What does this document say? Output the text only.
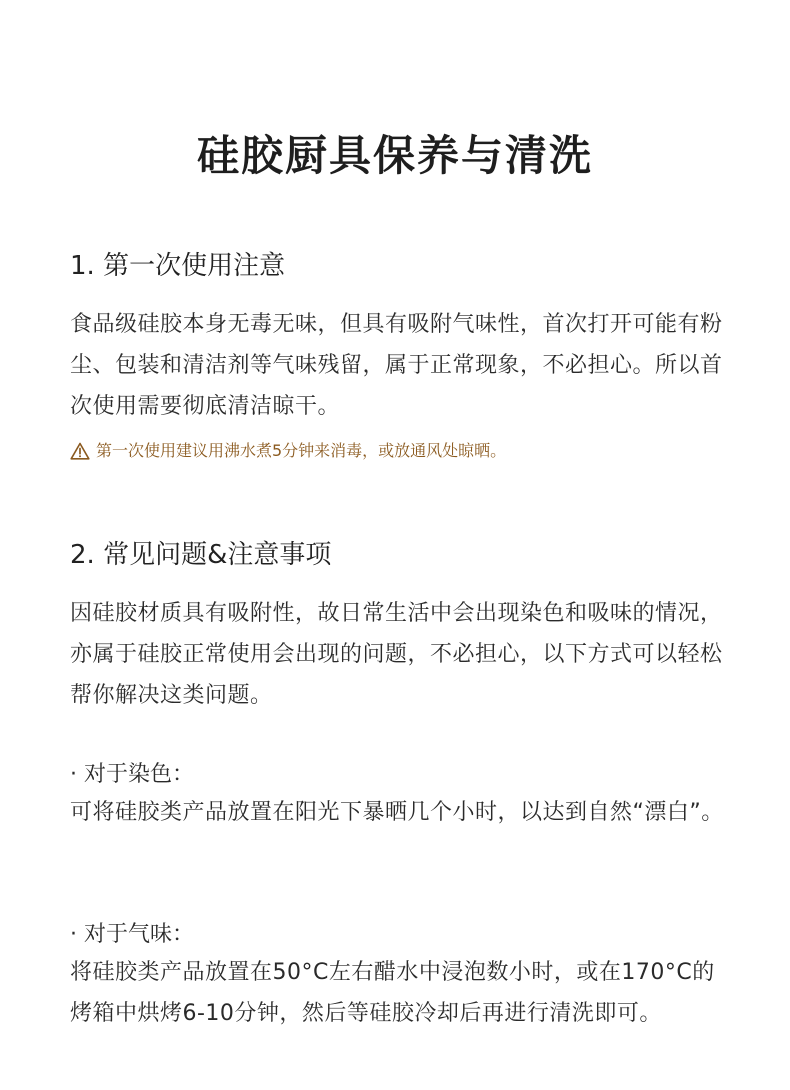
硅胶厨具保养与清洗
1. 第一次使用注意

食品级硅胶本身无毒无味，但具有吸附气味性，首次打开可能有粉尘、包装和清洁剂等气味残留，属于正常现象，不必担心。所以首次使用需要彻底清洁晾干。

第一次使用建议用沸水煮5分钟来消毒，或放通风处晾晒。
2. 常见问题&注意事项

因硅胶材质具有吸附性，故日常生活中会出现染色和吸味的情况，亦属于硅胶正常使用会出现的问题，不必担心，以下方式可以轻松帮你解决这类问题。

· 对于染色：

可将硅胶类产品放置在阳光下暴晒几个小时，以达到自然“漂白”。

· 对于气味：

将硅胶类产品放置在50°C左右醋水中浸泡数小时，或在170°C的烤箱中烘烤6-10分钟，然后等硅胶冷却后再进行清洗即可。
